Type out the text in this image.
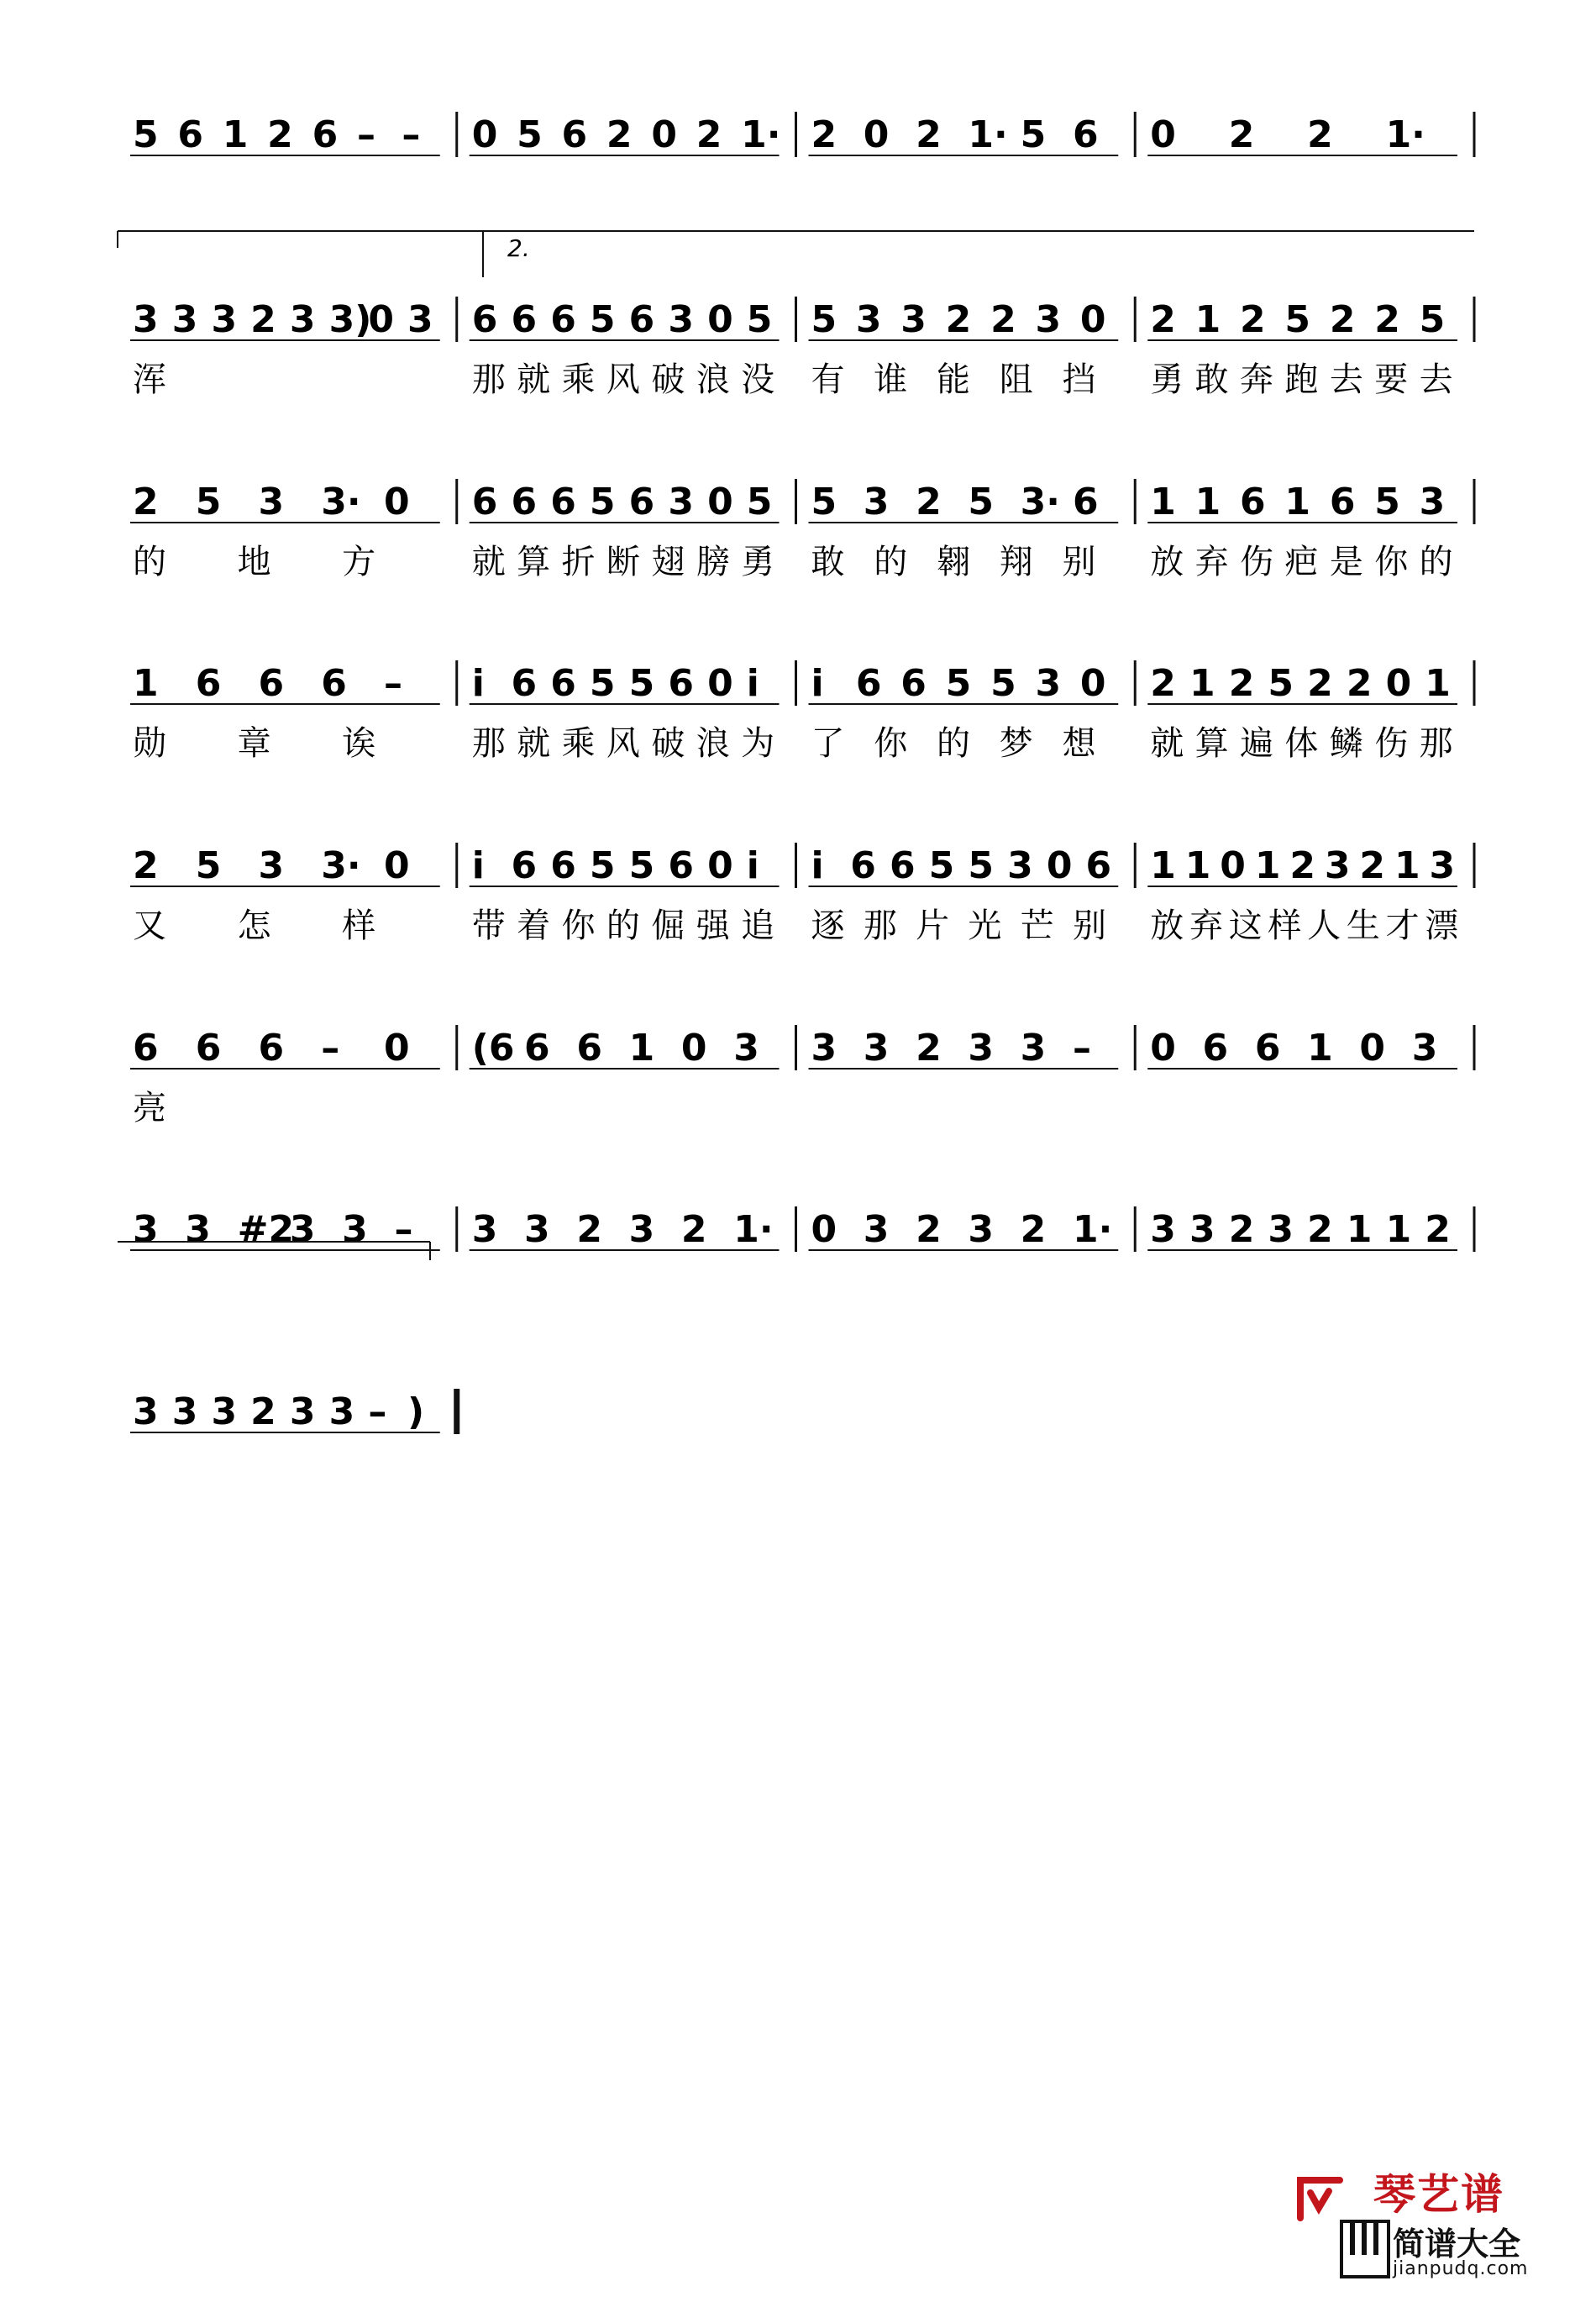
5 6 1 2 6 – – 0 5 6 2 0 2 1· 2 0 2 1· 5 6 0 2 2 1·
3 3 3 2 3 3)
0 3
浑
6 6 6 5 6 3 0 5
那 就 乘 风 破 浪 没
5 3 3 2 2 3 0
有 谁 能 阻 挡
2 1 2 5 2 2 5
勇 敢 奔 跑 去 要 去
2 5 3 3· 0
的 地 方
6 6 6 5 6 3 0 5
就 算 折 断 翅 膀 勇
5 3 2 5 3· 6
敢 的 翱 翔 别
1 1 6 1 6 5 3
放 弃 伤 疤 是 你 的
1 6 6 6 –
勋 章 诶
i 6 6 5 5 6 0 i
那 就 乘 风 破 浪 为
i 6 6 5 5 3 0
了 你 的 梦 想
2 1 2 5 2 2 0 1
就 算 遍 体 鳞 伤 那
2 5 3 3· 0
又 怎 样
i 6 6 5 5 6 0 i
带 着 你 的 倔 强 追
i 6 6 5 5 3 0 6
逐 那 片 光 芒 别
1 1 0 1 2 3 2 1 3
放 弃 这 样 人 生 才 漂
6 6 6 – 0
亮
(6 6 6 1 0 3 3 3 2 3 3 – 0 6 6 1 0 3
3 3 #2
3 3 – 3 3 2 3 2 1· 0 3 2 3 2 1· 3 3 2 3 2 1 1 2
3 3 3 2 3 3 – )
2.
琴艺谱
简谱大全
jianpudq.com
